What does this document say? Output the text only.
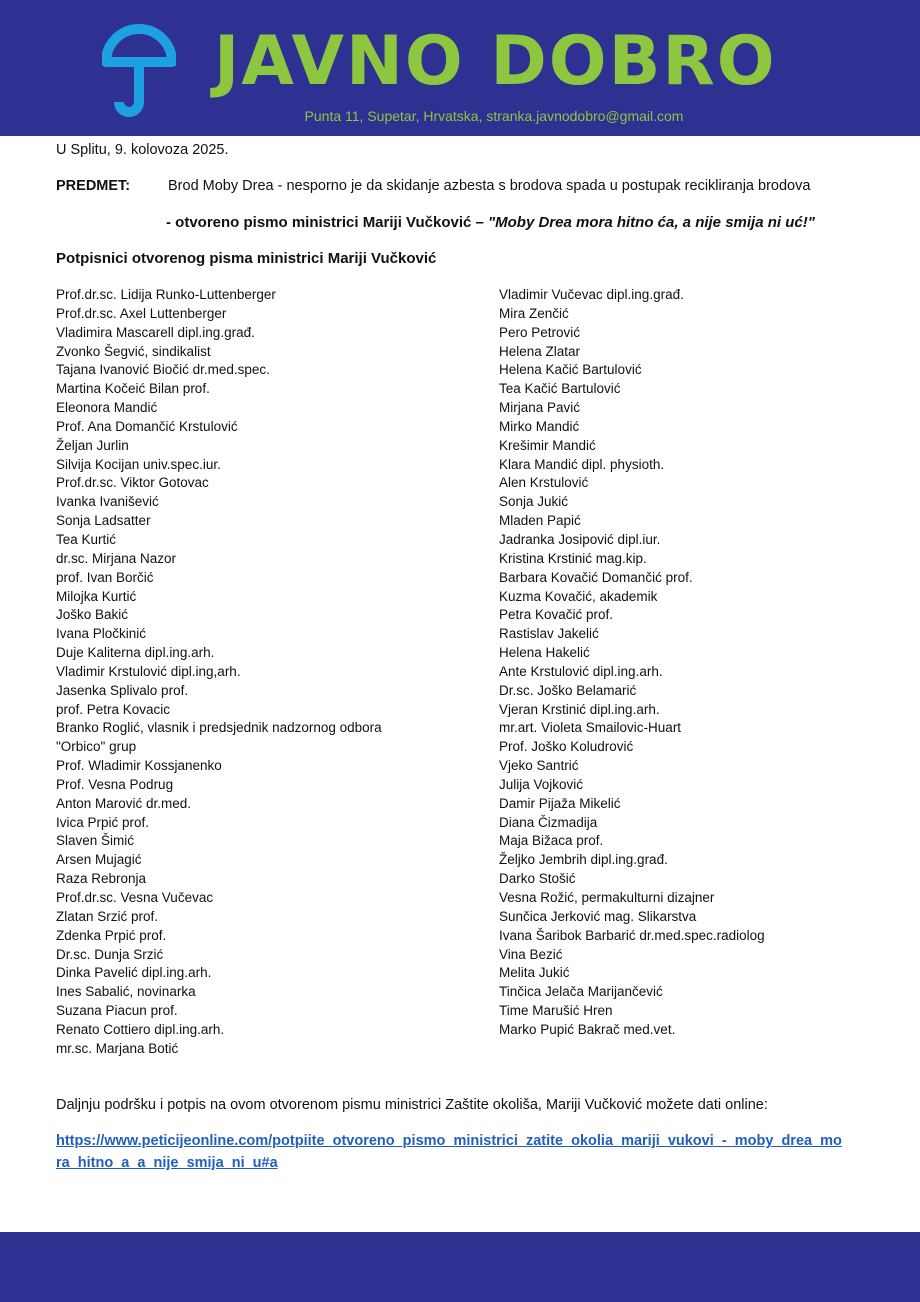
JAVNO DOBRO
Punta 11, Supetar, Hrvatska, stranka.javnodobro@gmail.com
U Splitu, 9. kolovoza 2025.
PREDMET:	Brod Moby Drea - nesporno je da skidanje azbesta s brodova spada u postupak recikliranja brodova
- otvoreno pismo ministrici Mariji Vučković – "Moby Drea mora hitno ća, a nije smija ni uć!"
Potpisnici otvorenog pisma ministrici Mariji Vučković
Prof.dr.sc. Lidija Runko-Luttenberger
Prof.dr.sc. Axel Luttenberger
Vladimira Mascarell dipl.ing.građ.
Zvonko Šegvić, sindikalist
Tajana Ivanović Biočić dr.med.spec.
Martina Kočeić Bilan prof.
Eleonora Mandić
Prof. Ana Domančić Krstulović
Željan Jurlin
Silvija Kocijan univ.spec.iur.
Prof.dr.sc. Viktor Gotovac
Ivanka Ivanišević
Sonja Ladsatter
Tea Kurtić
dr.sc. Mirjana Nazor
prof. Ivan Borčić
Milojka Kurtić
Joško Bakić
Ivana Pločkinić
Duje Kaliterna dipl.ing.arh.
Vladimir Krstulović dipl.ing,arh.
Jasenka Splivalo prof.
prof. Petra Kovacic
Branko Roglić, vlasnik i predsjednik nadzornog odbora
"Orbico" grup
Prof. Wladimir Kossjanenko
Prof. Vesna Podrug
Anton Marović dr.med.
Ivica Prpić prof.
Slaven Šimić
Arsen Mujagić
Raza Rebronja
Prof.dr.sc. Vesna Vučevac
Zlatan Srzić prof.
Zdenka Prpić prof.
Dr.sc. Dunja Srzić
Dinka Pavelić dipl.ing.arh.
Ines Sabalić, novinarka
Suzana Piacun prof.
Renato Cottiero dipl.ing.arh.
mr.sc. Marjana Botić
Vladimir Vučevac dipl.ing.građ.
Mira Zenčić
Pero Petrović
Helena Zlatar
Helena Kačić Bartulović
Tea Kačić Bartulović
Mirjana Pavić
Mirko Mandić
Krešimir Mandić
Klara Mandić dipl. physioth.
Alen Krstulović
Sonja Jukić
Mladen Papić
Jadranka Josipović dipl.iur.
Kristina Krstinić mag.kip.
Barbara Kovačić Domančić prof.
Kuzma Kovačić, akademik
Petra Kovačić prof.
Rastislav Jakelić
Helena Hakelić
Ante Krstulović dipl.ing.arh.
Dr.sc. Joško Belamarić
Vjeran Krstinić dipl.ing.arh.
mr.art. Violeta Smailovic-Huart
Prof. Joško Koludrović
Vjeko Santrić
Julija Vojković
Damir Pijaža Mikelić
Diana Čizmadija
Maja Bižaca prof.
Željko Jembrih dipl.ing.građ.
Darko Stošić
Vesna Rožić, permakulturni dizajner
Sunčica Jerković mag. Slikarstva
Ivana Šaribok Barbarić dr.med.spec.radiolog
Vina Bezić
Melita Jukić
Tinčica Jelača Marijančević
Time Marušić Hren
Marko Pupić Bakrač med.vet.
Daljnju podršku i potpis na ovom otvorenom pismu ministrici Zaštite okoliša, Mariji Vučković možete dati online:
https://www.peticijeonline.com/potpiite_otvoreno_pismo_ministrici_zatite_okolia_mariji_vukovi_-_moby_drea_mora_hitno_a_a_nije_smija_ni_u#a
